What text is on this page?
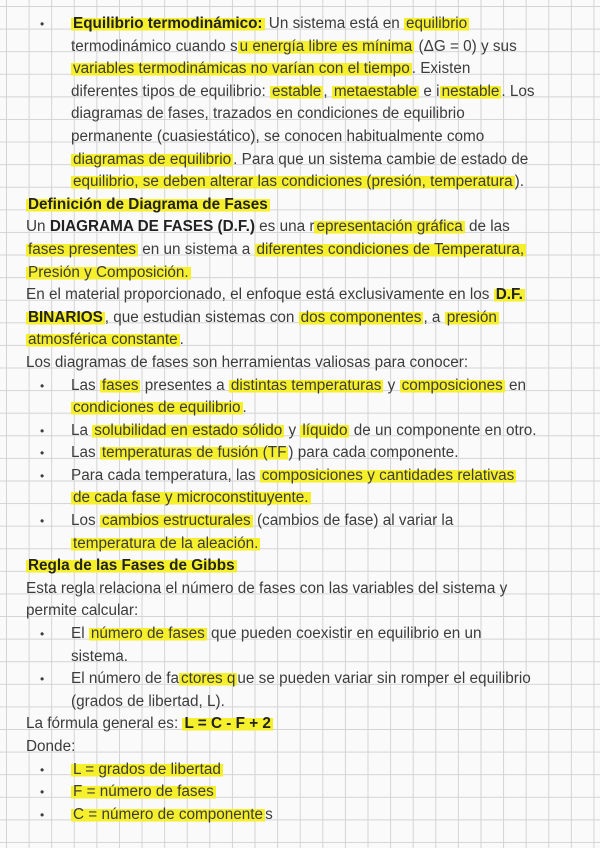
• Equilibrio termodinámico: Un sistema está en equilibrio
termodinámico cuando s u energía libre es mínima (ΔG = 0) y sus
variables termodinámicas no varían con el tiempo . Existen
diferentes tipos de equilibrio: estable , metaestable e i nestable . Los
diagramas de fases, trazados en condiciones de equilibrio
permanente (cuasiestático), se conocen habitualmente como
diagramas de equilibrio . Para que un sistema cambie de estado de
equilibrio, se deben alterar las condiciones (presión, temperatura ).
Definición de Diagrama de Fases
Un DIAGRAMA DE FASES (D.F.) es una r epresentación gráfica de las
fases presentes en un sistema a diferentes condiciones de Temperatura,
Presión y Composición.
En el material proporcionado, el enfoque está exclusivamente en los D.F.
BINARIOS , que estudian sistemas con dos componentes , a presión
atmosférica constante .
Los diagramas de fases son herramientas valiosas para conocer:
• Las fases presentes a distintas temperaturas y composiciones en
condiciones de equilibrio .
• La solubilidad en estado sólido y líquido de un componente en otro.
• Las temperaturas de fusión (TF ) para cada componente.
• Para cada temperatura, las composiciones y cantidades relativas
de cada fase y microconstituyente.
• Los cambios estructurales (cambios de fase) al variar la
temperatura de la aleación.
Regla de las Fases de Gibbs
Esta regla relaciona el número de fases con las variables del sistema y
permite calcular:
• El número de fases que pueden coexistir en equilibrio en un
sistema.
• El número de fa ctores q ue se pueden variar sin romper el equilibrio
(grados de libertad, L).
La fórmula general es: L = C - F + 2
Donde:
• L = grados de libertad
• F = número de fases
• C = número de componente s
